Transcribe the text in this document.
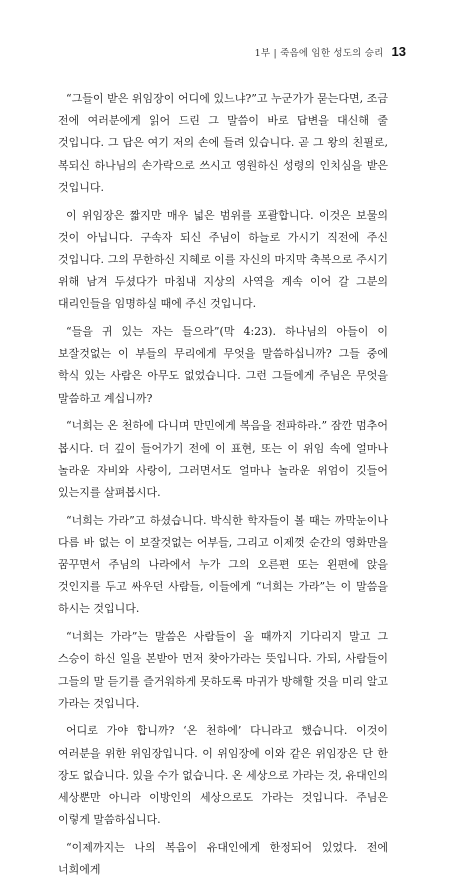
1부 | 죽음에 임한 성도의 승리 13

“그들이 받은 위임장이 어디에 있느냐?”고 누군가가 묻는다면, 조금 전에 여러분에게 읽어 드린 그 말씀이 바로 답변을 대신해 줄 것입니다. 그 답은 여기 저의 손에 들려 있습니다. 곧 그 왕의 친필로, 복되신 하나님의 손가락으로 쓰시고 영원하신 성령의 인치심을 받은 것입니다.

이 위임장은 짧지만 매우 넓은 범위를 포괄합니다. 이것은 보물의 것이 아닙니다. 구속자 되신 주님이 하늘로 가시기 직전에 주신 것입니다. 그의 무한하신 지혜로 이를 자신의 마지막 축복으로 주시기 위해 남겨 두셨다가 마침내 지상의 사역을 계속 이어 갈 그분의 대리인들을 임명하실 때에 주신 것입니다.

“들을 귀 있는 자는 들으라”(막 4:23). 하나님의 아들이 이 보잘것없는 이 부들의 무리에게 무엇을 말씀하십니까? 그들 중에 학식 있는 사람은 아무도 없었습니다. 그런 그들에게 주님은 무엇을 말씀하고 계십니까?

“너희는 온 천하에 다니며 만민에게 복음을 전파하라.” 잠깐 멈추어 봅시다. 더 깊이 들어가기 전에 이 표현, 또는 이 위임 속에 얼마나 놀라운 자비와 사랑이, 그러면서도 얼마나 놀라운 위엄이 깃들어 있는지를 살펴봅시다.

“너희는 가라”고 하셨습니다. 박식한 학자들이 볼 때는 까막눈이나 다름 바 없는 이 보잘것없는 어부들, 그리고 이제껏 순간의 영화만을 꿈꾸면서 주님의 나라에서 누가 그의 오른편 또는 왼편에 앉을 것인지를 두고 싸우던 사람들, 이들에게 “너희는 가라”는 이 말씀을 하시는 것입니다.

“너희는 가라”는 말씀은 사람들이 올 때까지 기다리지 말고 그 스승이 하신 일을 본받아 먼저 찾아가라는 뜻입니다. 가되, 사람들이 그들의 말 듣기를 즐거워하게 못하도록 마귀가 방해할 것을 미리 알고 가라는 것입니다.

어디로 가야 합니까? ‘온 천하에’ 다니라고 했습니다. 이것이 여러분을 위한 위임장입니다. 이 위임장에 이와 같은 위임장은 단 한 장도 없습니다. 있을 수가 없습니다. 온 세상으로 가라는 것, 유대인의 세상뿐만 아니라 이방인의 세상으로도 가라는 것입니다. 주님은 이렇게 말씀하십니다.

“이제까지는 나의 복음이 유대인에게 한정되어 있었다. 전에 너희에게
